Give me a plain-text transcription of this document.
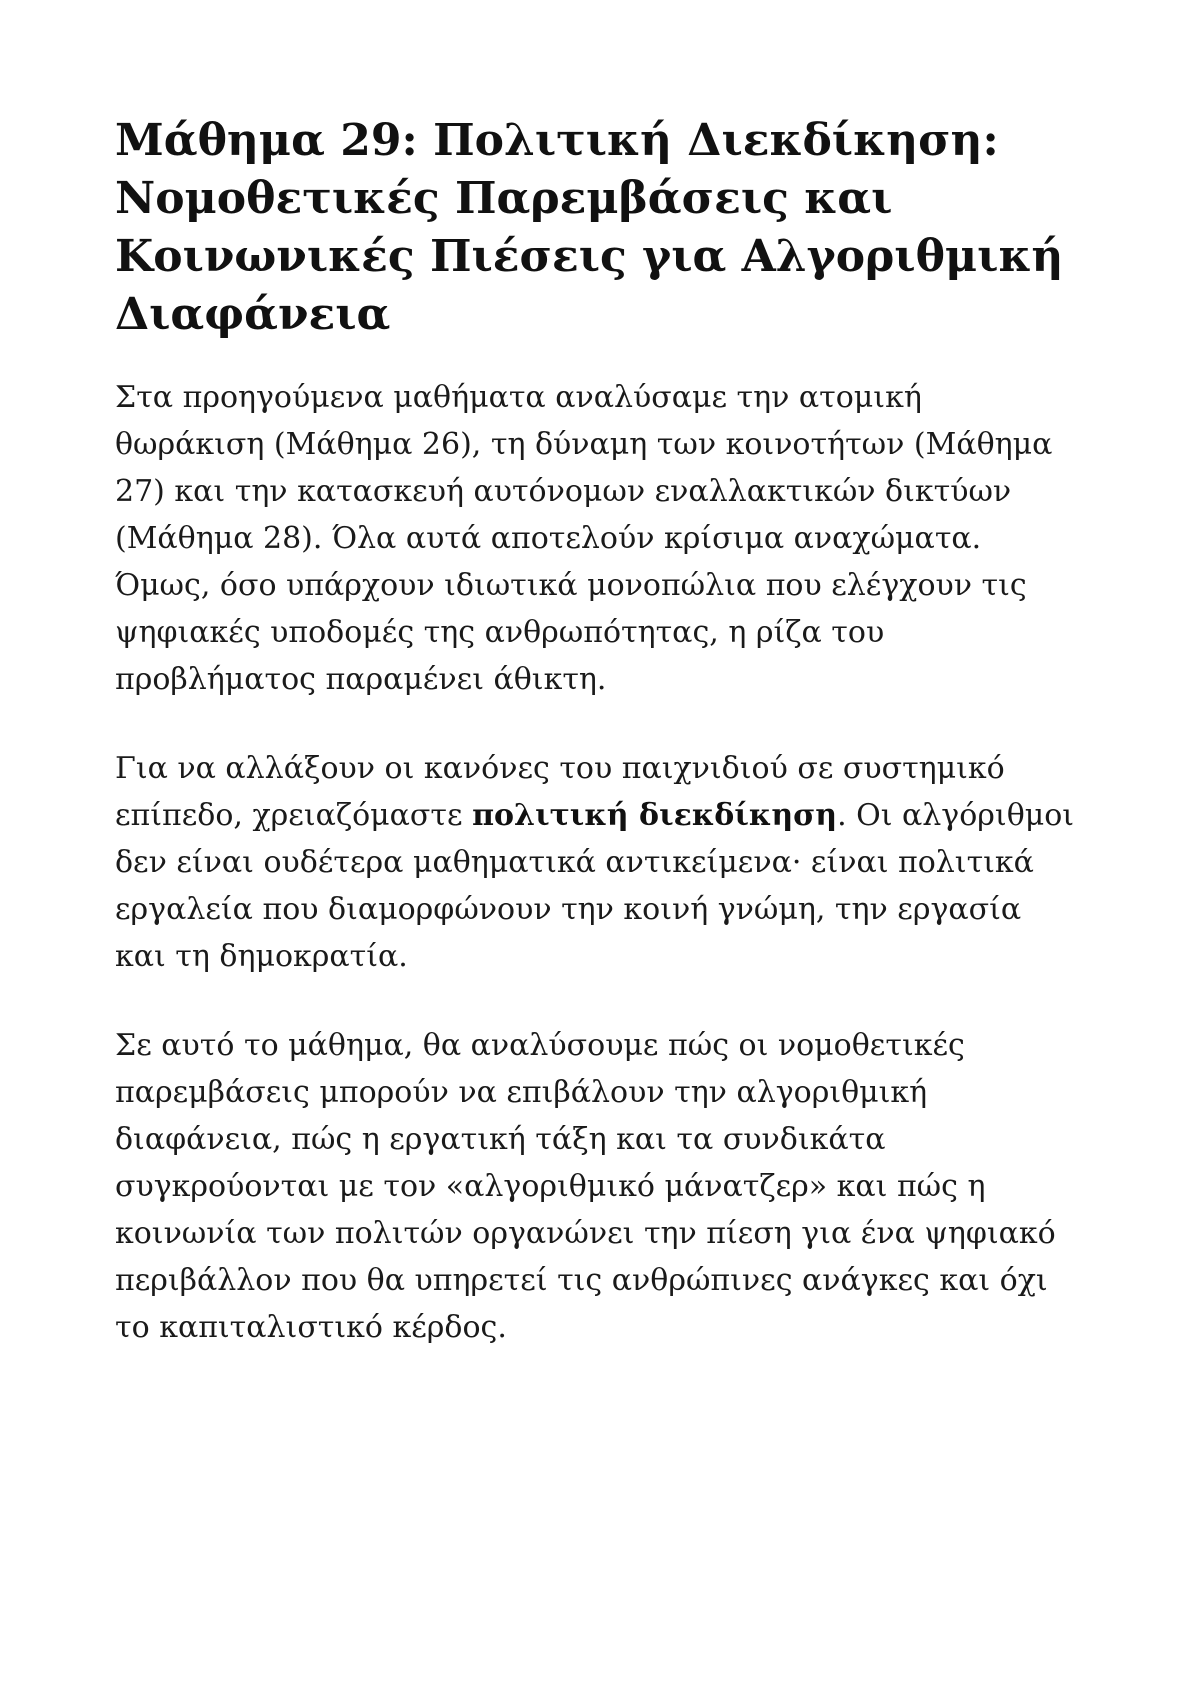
Μάθημα 29: Πολιτική Διεκδίκηση: Νομοθετικές Παρεμβάσεις και Κοινωνικές Πιέσεις για Αλγοριθμική Διαφάνεια

Στα προηγούμενα μαθήματα αναλύσαμε την ατομική θωράκιση (Μάθημα 26), τη δύναμη των κοινοτήτων (Μάθημα 27) και την κατασκευή αυτόνομων εναλλακτικών δικτύων (Μάθημα 28). Όλα αυτά αποτελούν κρίσιμα αναχώματα. Όμως, όσο υπάρχουν ιδιωτικά μονοπώλια που ελέγχουν τις ψηφιακές υποδομές της ανθρωπότητας, η ρίζα του προβλήματος παραμένει άθικτη.

Για να αλλάξουν οι κανόνες του παιχνιδιού σε συστημικό επίπεδο, χρειαζόμαστε πολιτική διεκδίκηση. Οι αλγόριθμοι δεν είναι ουδέτερα μαθηματικά αντικείμενα· είναι πολιτικά εργαλεία που διαμορφώνουν την κοινή γνώμη, την εργασία και τη δημοκρατία.

Σε αυτό το μάθημα, θα αναλύσουμε πώς οι νομοθετικές παρεμβάσεις μπορούν να επιβάλουν την αλγοριθμική διαφάνεια, πώς η εργατική τάξη και τα συνδικάτα συγκρούονται με τον «αλγοριθμικό μάνατζερ» και πώς η κοινωνία των πολιτών οργανώνει την πίεση για ένα ψηφιακό περιβάλλον που θα υπηρετεί τις ανθρώπινες ανάγκες και όχι το καπιταλιστικό κέρδος.
